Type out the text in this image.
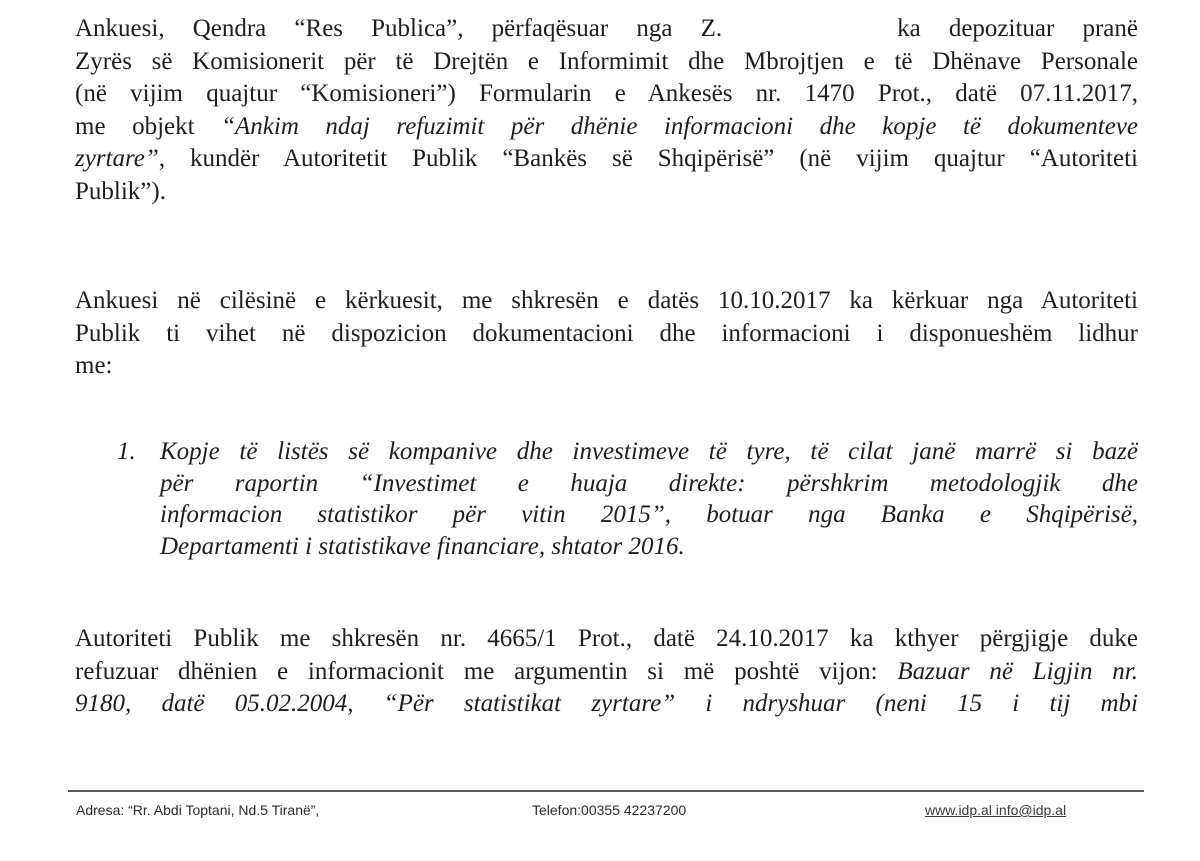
Ankuesi, Qendra “Res Publica”, përfaqësuar nga Z.	ka depozituar pranë
Zyrës së Komisionerit për të Drejtën e Informimit dhe Mbrojtjen e të Dhënave Personale
(në vijim quajtur “Komisioneri”) Formularin e Ankesës nr. 1470 Prot., datë 07.11.2017,
me objekt “Ankim ndaj refuzimit për dhënie informacioni dhe kopje të dokumenteve
zyrtare”, kundër Autoritetit Publik “Bankës së Shqipërisë” (në vijim quajtur “Autoriteti
Publik”).
Ankuesi në cilësinë e kërkuesit, me shkresën e datës 10.10.2017 ka kërkuar nga Autoriteti
Publik ti vihet në dispozicion dokumentacioni dhe informacioni i disponueshëm lidhur
me:
1. Kopje të listës së kompanive dhe investimeve të tyre, të cilat janë marrë si bazë
për raportin “Investimet e huaja direkte: përshkrim metodologjik dhe
informacion statistikor për vitin 2015”, botuar nga Banka e Shqipërisë,
Departamenti i statistikave financiare, shtator 2016.
Autoriteti Publik me shkresën nr. 4665/1 Prot., datë 24.10.2017 ka kthyer përgjigje duke
refuzuar dhënien e informacionit me argumentin si më poshtë vijon: Bazuar në Ligjin nr.
9180, datë 05.02.2004, “Për statistikat zyrtare” i ndryshuar (neni 15 i tij mbi
Adresa: “Rr. Abdi Toptani, Nd.5 Tiranë”,	Telefon:00355 42237200	www.idp.al info@idp.al
